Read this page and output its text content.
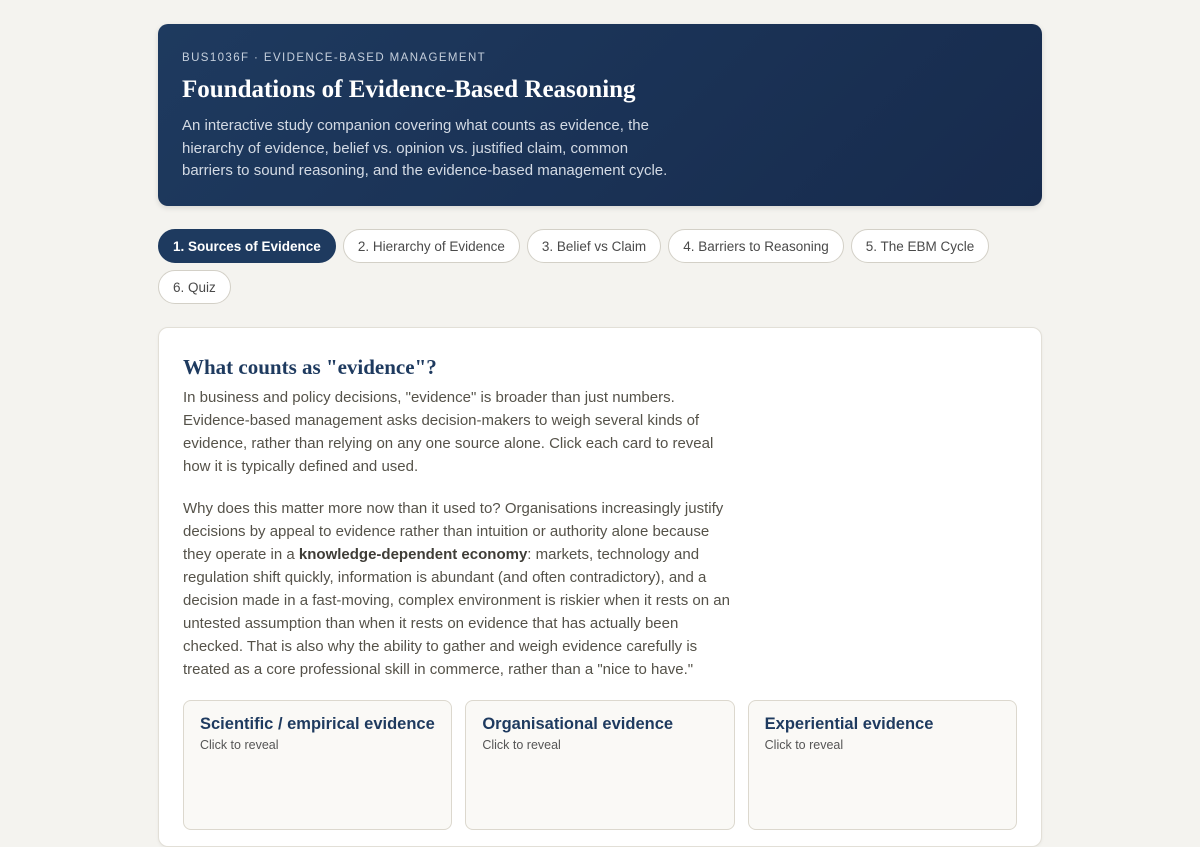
BUS1036F · EVIDENCE-BASED MANAGEMENT
Foundations of Evidence-Based Reasoning

An interactive study companion covering what counts as evidence, the hierarchy of evidence, belief vs. opinion vs. justified claim, common barriers to sound reasoning, and the evidence-based management cycle.

1. Sources of Evidence	2. Hierarchy of Evidence	3. Belief vs Claim	4. Barriers to Reasoning	5. The EBM Cycle
6. Quiz
What counts as "evidence"?

In business and policy decisions, "evidence" is broader than just numbers. Evidence-based management asks decision-makers to weigh several kinds of evidence, rather than relying on any one source alone. Click each card to reveal how it is typically defined and used.

Why does this matter more now than it used to? Organisations increasingly justify decisions by appeal to evidence rather than intuition or authority alone because they operate in a knowledge-dependent economy: markets, technology and regulation shift quickly, information is abundant (and often contradictory), and a decision made in a fast-moving, complex environment is riskier when it rests on an untested assumption than when it rests on evidence that has actually been checked. That is also why the ability to gather and weigh evidence carefully is treated as a core professional skill in commerce, rather than a "nice to have."

Scientific / empirical evidence
Click to reveal
Organisational evidence
Click to reveal
Experiential evidence
Click to reveal
